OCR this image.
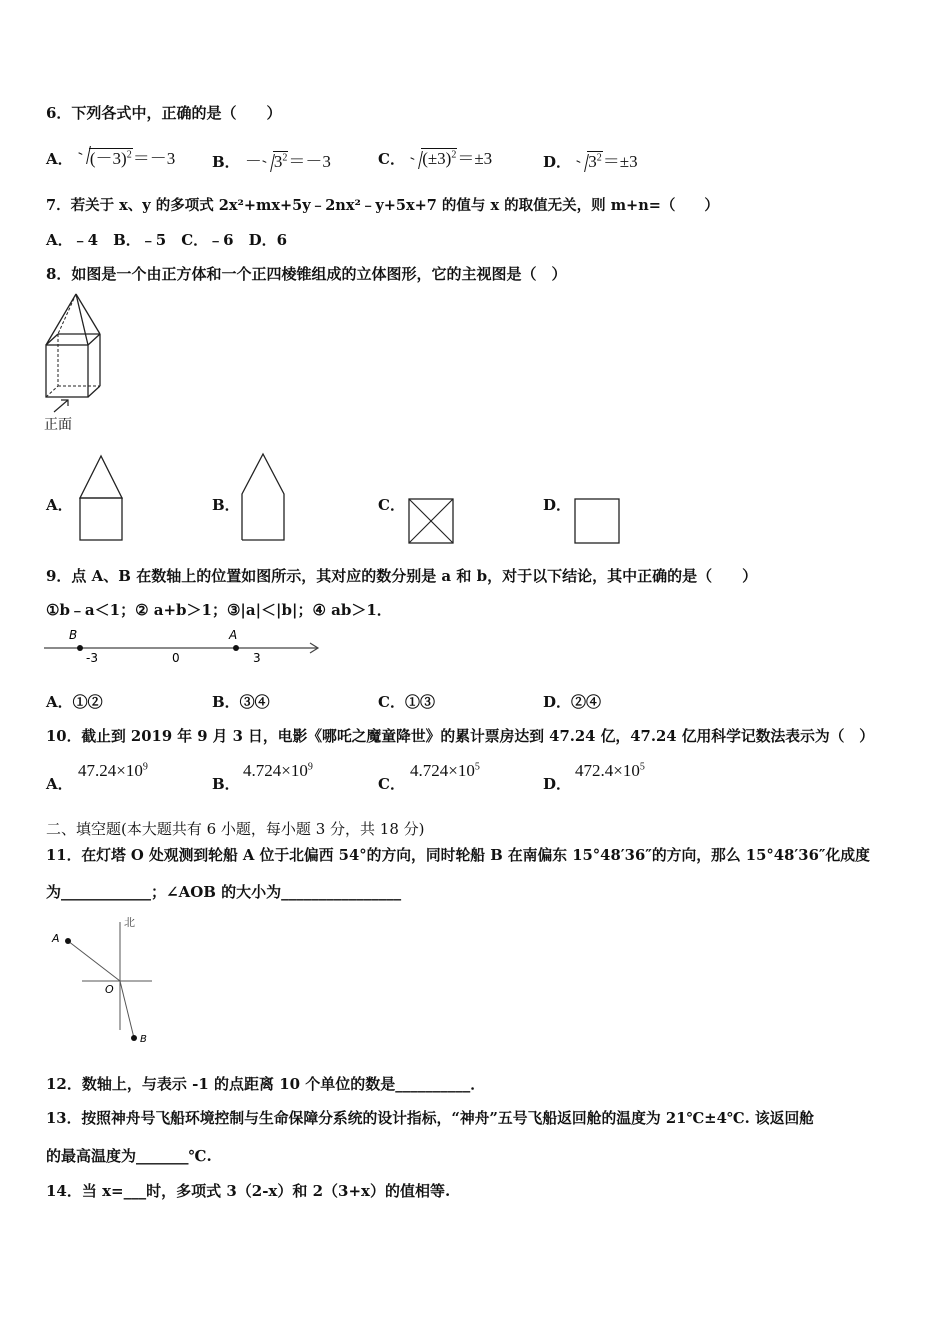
6．下列各式中，正确的是（　　）
A． $(-3)^2=-3$ B． － $3^2=-3$	C． $(\pm 3)^2=\pm 3$	D． $3^2=\pm 3$
7．若关于 x、y 的多项式 2x²+mx+5y﹣2nx²﹣y+5x+7 的值与 x 的取值无关，则 m+n=（　　）
A．﹣4　B．﹣5　C．﹣6　D．6
8．如图是一个由正方体和一个正四棱锥组成的立体图形，它的主视图是（　）
正面
A．	B．	C．	D．
9．点 A、B 在数轴上的位置如图所示，其对应的数分别是 a 和 b，对于以下结论，其中正确的是（　　）
①b﹣a＜1；② a+b＞1；③|a|＜|b|；④ ab＞1．
B	A
-3	0	3
A．①②	B．③④	C．①③	D．②④
10．截止到 2019 年 9 月 3 日，电影《哪吒之魔童降世》的累计票房达到 47.24 亿，47.24 亿用科学记数法表示为（　）
A．
$47.24\times 10^9$
B．
$4.724\times 10^9$
C．
$4.724\times 10^5$
D．
$472.4\times 10^5$
二、填空题(本大题共有 6 小题，每小题 3 分，共 18 分)
11．在灯塔 O 处观测到轮船 A 位于北偏西 54°的方向，同时轮船 B 在南偏东 15°48′36″的方向，那么 15°48′36″化成度
为____________；∠AOB 的大小为________________
北
A
O
B
12．数轴上，与表示 -1 的点距离 10 个单位的数是__________．
13．按照神舟号飞船环境控制与生命保障分系统的设计指标，“神舟”五号飞船返回舱的温度为 21℃±4℃. 该返回舱
的最高温度为_______℃.
14．当 x=___时，多项式 3（2-x）和 2（3+x）的值相等.
